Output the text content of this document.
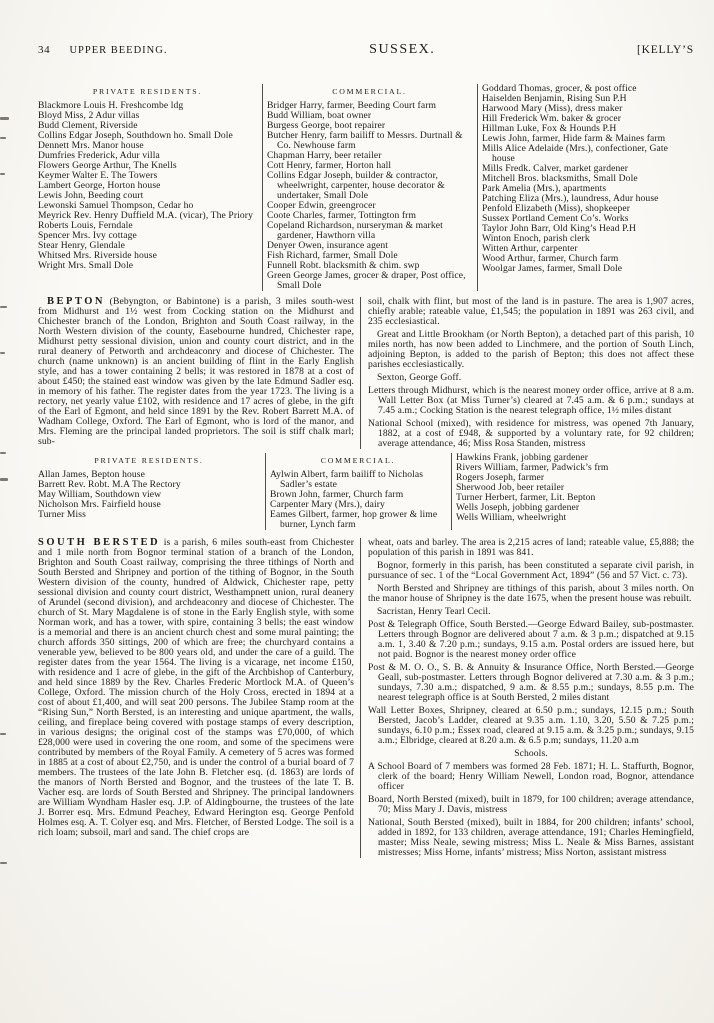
34 UPPER BEEDING.	SUSSEX.	[KELLY’S
PRIVATE RESIDENTS.
Blackmore Louis H. Freshcombe ldg
Bloyd Miss, 2 Adur villas
Budd Clement, Riverside
Collins Edgar Joseph, Southdown ho. Small Dole
Dennett Mrs. Manor house
Dumfries Frederick, Adur villa
Flowers George Arthur, The Knells
Keymer Walter E. The Towers
Lambert George, Horton house
Lewis John, Beeding court
Lewonski Samuel Thompson, Cedar ho
Meyrick Rev. Henry Duffield M.A. (vicar), The Priory
Roberts Louis, Ferndale
Spencer Mrs. Ivy cottage
Stear Henry, Glendale
Whitsed Mrs. Riverside house
Wright Mrs. Small Dole
COMMERCIAL.
Bridger Harry, farmer, Beeding Court farm
Budd William, boat owner
Burgess George, boot repairer
Butcher Henry, farm bailiff to Messrs. Durtnall & Co. Newhouse farm
Chapman Harry, beer retailer
Cott Henry, farmer, Horton hall
Collins Edgar Joseph, builder & contractor, wheelwright, carpenter, house decorator & undertaker, Small Dole
Cooper Edwin, greengrocer
Coote Charles, farmer, Tottington frm
Copeland Richardson, nurseryman & market gardener, Hawthorn villa
Denyer Owen, insurance agent
Fish Richard, farmer, Small Dole
Funnell Robt. blacksmith & chim. swp
Green George James, grocer & draper, Post office, Small Dole
Goddard Thomas, grocer, & post office
Haiselden Benjamin, Rising Sun P.H
Harwood Mary (Miss), dress maker
Hill Frederick Wm. baker & grocer
Hillman Luke, Fox & Hounds P.H
Lewis John, farmer, Hide farm & Maines farm
Mills Alice Adelaide (Mrs.), confectioner, Gate house
Mills Fredk. Calver, market gardener
Mitchell Bros. blacksmiths, Small Dole
Park Amelia (Mrs.), apartments
Patching Eliza (Mrs.), laundress, Adur house
Penfold Elizabeth (Miss), shopkeeper
Sussex Portland Cement Co’s. Works
Taylor John Barr, Old King’s Head P.H
Winton Enoch, parish clerk
Witten Arthur, carpenter
Wood Arthur, farmer, Church farm
Woolgar James, farmer, Small Dole
BEPTON (Bebyngton, or Babintone) is a parish, 3 miles south-west from Midhurst and 1½ west from Cocking station on the Midhurst and Chichester branch of the London, Brighton and South Coast railway, in the North Western division of the county, Easebourne hundred, Chichester rape, Midhurst petty sessional division, union and county court district, and in the rural deanery of Petworth and archdeaconry and diocese of Chichester. The church (name unknown) is an ancient building of flint in the Early English style, and has a tower containing 2 bells; it was restored in 1878 at a cost of about £450; the stained east window was given by the late Edmund Sadler esq. in memory of his father. The register dates from the year 1723. The living is a rectory, net yearly value £102, with residence and 17 acres of glebe, in the gift of the Earl of Egmont, and held since 1891 by the Rev. Robert Barrett M.A. of Wadham College, Oxford. The Earl of Egmont, who is lord of the manor, and Mrs. Fleming are the principal landed proprietors. The soil is stiff chalk marl; sub-
soil, chalk with flint, but most of the land is in pasture. The area is 1,907 acres, chiefly arable; rateable value, £1,545; the population in 1891 was 263 civil, and 235 ecclesiastical.
Great and Little Brookham (or North Bepton), a detached part of this parish, 10 miles north, has now been added to Linchmere, and the portion of South Linch, adjoining Bepton, is added to the parish of Bepton; this does not affect these parishes ecclesiastically.
Sexton, George Goff.
Letters through Midhurst, which is the nearest money order office, arrive at 8 a.m. Wall Letter Box (at Miss Turner’s) cleared at 7.45 a.m. & 6 p.m.; sundays at 7.45 a.m.; Cocking Station is the nearest telegraph office, 1½ miles distant
National School (mixed), with residence for mistress, was opened 7th January, 1882, at a cost of £948, & supported by a voluntary rate, for 92 children; average attendance, 46; Miss Rosa Standen, mistress
PRIVATE RESIDENTS.
Allan James, Bepton house
Barrett Rev. Robt. M.A The Rectory
May William, Southdown view
Nicholson Mrs. Fairfield house
Turner Miss
COMMERCIAL.
Aylwin Albert, farm bailiff to Nicholas Sadler’s estate
Brown John, farmer, Church farm
Carpenter Mary (Mrs.), dairy
Eames Gilbert, farmer, hop grower & lime burner, Lynch farm
Hawkins Frank, jobbing gardener
Rivers William, farmer, Padwick’s frm
Rogers Joseph, farmer
Sherwood Job, beer retailer
Turner Herbert, farmer, Lit. Bepton
Wells Joseph, jobbing gardener
Wells William, wheelwright
SOUTH BERSTED is a parish, 6 miles south-east from Chichester and 1 mile north from Bognor terminal station of a branch of the London, Brighton and South Coast railway, comprising the three tithings of North and South Bersted and Shripney and portion of the tithing of Bognor, in the South Western division of the county, hundred of Aldwick, Chichester rape, petty sessional division and county court district, Westhampnett union, rural deanery of Arundel (second division), and archdeaconry and diocese of Chichester. The church of St. Mary Magdalene is of stone in the Early English style, with some Norman work, and has a tower, with spire, containing 3 bells; the east window is a memorial and there is an ancient church chest and some mural painting; the church affords 350 sittings, 200 of which are free; the churchyard contains a venerable yew, believed to be 800 years old, and under the care of a guild. The register dates from the year 1564. The living is a vicarage, net income £150, with residence and 1 acre of glebe, in the gift of the Archbishop of Canterbury, and held since 1889 by the Rev. Charles Frederic Mortlock M.A. of Queen’s College, Oxford. The mission church of the Holy Cross, erected in 1894 at a cost of about £1,400, and will seat 200 persons. The Jubilee Stamp room at the “Rising Sun,” North Bersted, is an interesting and unique apartment, the walls, ceiling, and fireplace being covered with postage stamps of every description, in various designs; the original cost of the stamps was £70,000, of which £28,000 were used in covering the one room, and some of the specimens were contributed by members of the Royal Family. A cemetery of 5 acres was formed in 1885 at a cost of about £2,750, and is under the control of a burial board of 7 members. The trustees of the late John B. Fletcher esq. (d. 1863) are lords of the manors of North Bersted and Bognor, and the trustees of the late T. B. Vacher esq. are lords of South Bersted and Shripney. The principal landowners are William Wyndham Hasler esq. J.P. of Aldingbourne, the trustees of the late J. Borrer esq. Mrs. Edmund Peachey, Edward Herington esq. George Penfold Holmes esq. A. T. Colyer esq. and Mrs. Fletcher, of Bersted Lodge. The soil is a rich loam; subsoil, marl and sand. The chief crops are
wheat, oats and barley. The area is 2,215 acres of land; rateable value, £5,888; the population of this parish in 1891 was 841.
Bognor, formerly in this parish, has been constituted a separate civil parish, in pursuance of sec. 1 of the “Local Government Act, 1894” (56 and 57 Vict. c. 73).
North Bersted and Shripney are tithings of this parish, about 3 miles north. On the manor house of Shripney is the date 1675, when the present house was rebuilt.
Sacristan, Henry Tearl Cecil.
Post & Telegraph Office, South Bersted.—George Edward Bailey, sub-postmaster. Letters through Bognor are delivered about 7 a.m. & 3 p.m.; dispatched at 9.15 a.m. 1, 3.40 & 7.20 p.m.; sundays, 9.15 a.m. Postal orders are issued here, but not paid. Bognor is the nearest money order office
Post & M. O. O., S. B. & Annuity & Insurance Office, North Bersted.—George Geall, sub-postmaster. Letters through Bognor delivered at 7.30 a.m. & 3 p.m.; sundays, 7.30 a.m.; dispatched, 9 a.m. & 8.55 p.m.; sundays, 8.55 p.m. The nearest telegraph office is at South Bersted, 2 miles distant
Wall Letter Boxes, Shripney, cleared at 6.50 p.m.; sundays, 12.15 p.m.; South Bersted, Jacob’s Ladder, cleared at 9.35 a.m. 1.10, 3.20, 5.50 & 7.25 p.m.; sundays, 6.10 p.m.; Essex road, cleared at 9.15 a.m. & 3.25 p.m.; sundays, 9.15 a.m.; Elbridge, cleared at 8.20 a.m. & 6.5 p.m; sundays, 11.20 a.m
Schools.
A School Board of 7 members was formed 28 Feb. 1871; H. L. Staffurth, Bognor, clerk of the board; Henry William Newell, London road, Bognor, attendance officer
Board, North Bersted (mixed), built in 1879, for 100 children; average attendance, 70; Miss Mary J. Davis, mistress
National, South Bersted (mixed), built in 1884, for 200 children; infants’ school, added in 1892, for 133 children, average attendance, 191; Charles Hemingfield, master; Miss Neale, sewing mistress; Miss L. Neale & Miss Barnes, assistant mistresses; Miss Horne, infants’ mistress; Miss Norton, assistant mistress
